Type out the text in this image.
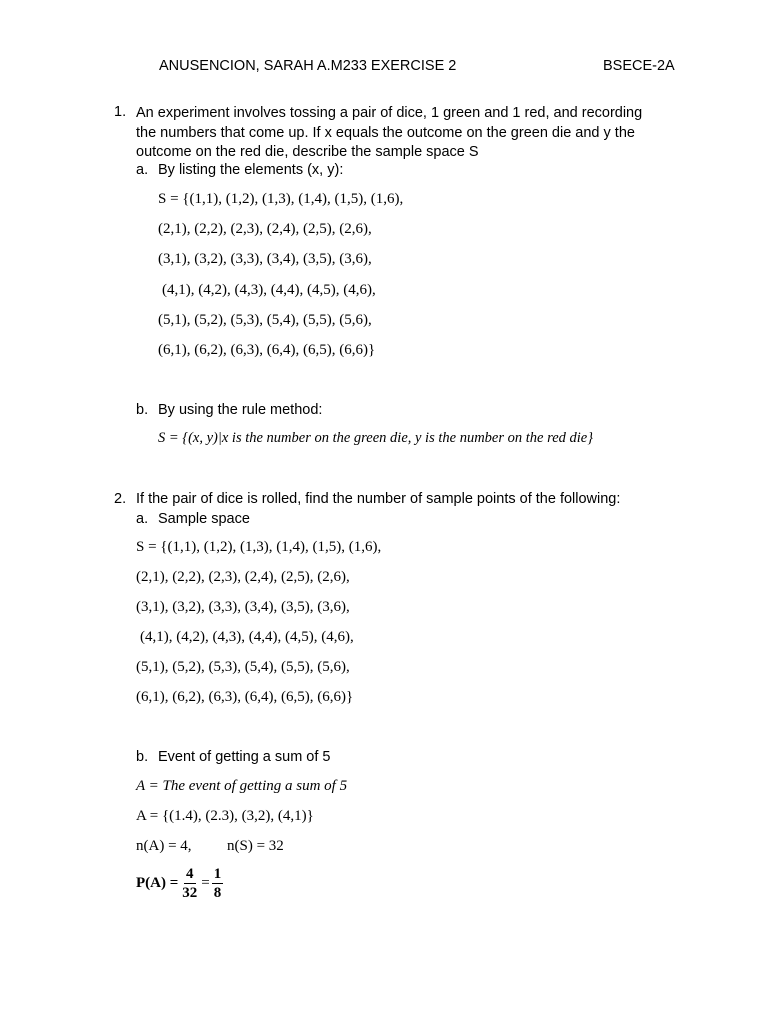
ANUSENCION, SARAH A.M233 EXERCISE 2	BSECE-2A
1. An experiment involves tossing a pair of dice, 1 green and 1 red, and recording
the numbers that come up. If x equals the outcome on the green die and y the
outcome on the red die, describe the sample space S
a. By listing the elements (x, y):
S = {(1,1), (1,2), (1,3), (1,4), (1,5), (1,6),
(2,1), (2,2), (2,3), (2,4), (2,5), (2,6),
(3,1), (3,2), (3,3), (3,4), (3,5), (3,6),
(4,1), (4,2), (4,3), (4,4), (4,5), (4,6),
(5,1), (5,2), (5,3), (5,4), (5,5), (5,6),
(6,1), (6,2), (6,3), (6,4), (6,5), (6,6)}
b. By using the rule method:
S = {(x, y)|x is the number on the green die, y is the number on the red die}
2. If the pair of dice is rolled, find the number of sample points of the following:
a. Sample space
S = {(1,1), (1,2), (1,3), (1,4), (1,5), (1,6),
(2,1), (2,2), (2,3), (2,4), (2,5), (2,6),
(3,1), (3,2), (3,3), (3,4), (3,5), (3,6),
(4,1), (4,2), (4,3), (4,4), (4,5), (4,6),
(5,1), (5,2), (5,3), (5,4), (5,5), (5,6),
(6,1), (6,2), (6,3), (6,4), (6,5), (6,6)}
b. Event of getting a sum of 5
A = The event of getting a sum of 5
A = {(1.4), (2.3), (3,2), (4,1)}
n(A) = 4, n(S) = 32
$P(A) = \frac{4}{32} = \frac{1}{8}$
